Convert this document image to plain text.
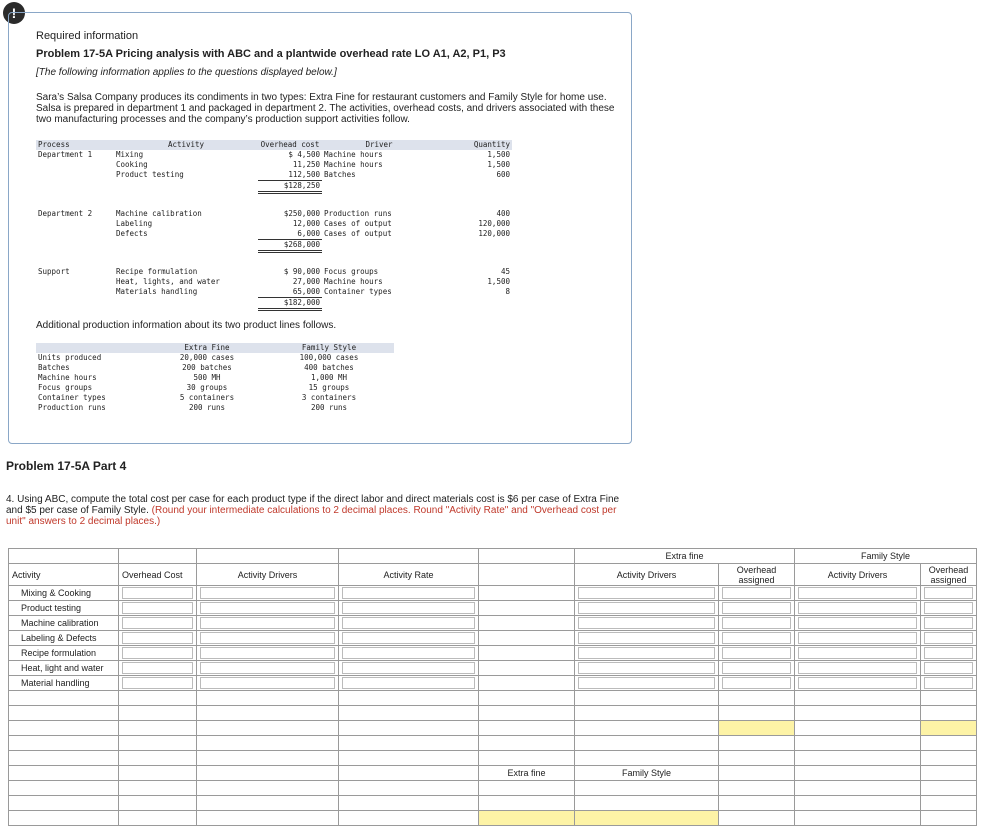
!
Required information
Problem 17-5A Pricing analysis with ABC and a plantwide overhead rate LO A1, A2, P1, P3
[The following information applies to the questions displayed below.]
Sara’s Salsa Company produces its condiments in two types: Extra Fine for restaurant customers and Family Style for home use. Salsa is prepared in department 1 and packaged in department 2. The activities, overhead costs, and drivers associated with these two manufacturing processes and the company’s production support activities follow.
Process	Activity	Overhead cost	Driver	Quantity
Department 1	Mixing	$ 4,500	Machine hours	1,500
	Cooking	11,250	Machine hours	1,500
	Product testing	112,500	Batches	600
		$128,250		

Department 2	Machine calibration	$250,000	Production runs	400
	Labeling	12,000	Cases of output	120,000
	Defects	6,000	Cases of output	120,000
		$268,000		

Support	Recipe formulation	$ 90,000	Focus groups	45
	Heat, lights, and water	27,000	Machine hours	1,500
	Materials handling	65,000	Container types	8
		$182,000		
Additional production information about its two product lines follows.
	Extra Fine	Family Style
Units produced	20,000 cases	100,000 cases
Batches	200 batches	400 batches
Machine hours	500 MH	1,000 MH
Focus groups	30 groups	15 groups
Container types	5 containers	3 containers
Production runs	200 runs	200 runs
Problem 17-5A Part 4
4. Using ABC, compute the total cost per case for each product type if the direct labor and direct materials cost is $6 per case of Extra Fine and $5 per case of Family Style. (Round your intermediate calculations to 2 decimal places. Round "Activity Rate" and "Overhead cost per unit" answers to 2 decimal places.)
					Extra fine		Family Style	
Activity	Overhead Cost	Activity Drivers	Activity Rate		Activity Drivers	Overhead assigned	Activity Drivers	Overhead assigned
Mixing & Cooking								
Product testing								
Machine calibration								
Labeling & Defects								
Recipe formulation								
Heat, light and water								
Material handling								

				Extra fine	Family Style			
